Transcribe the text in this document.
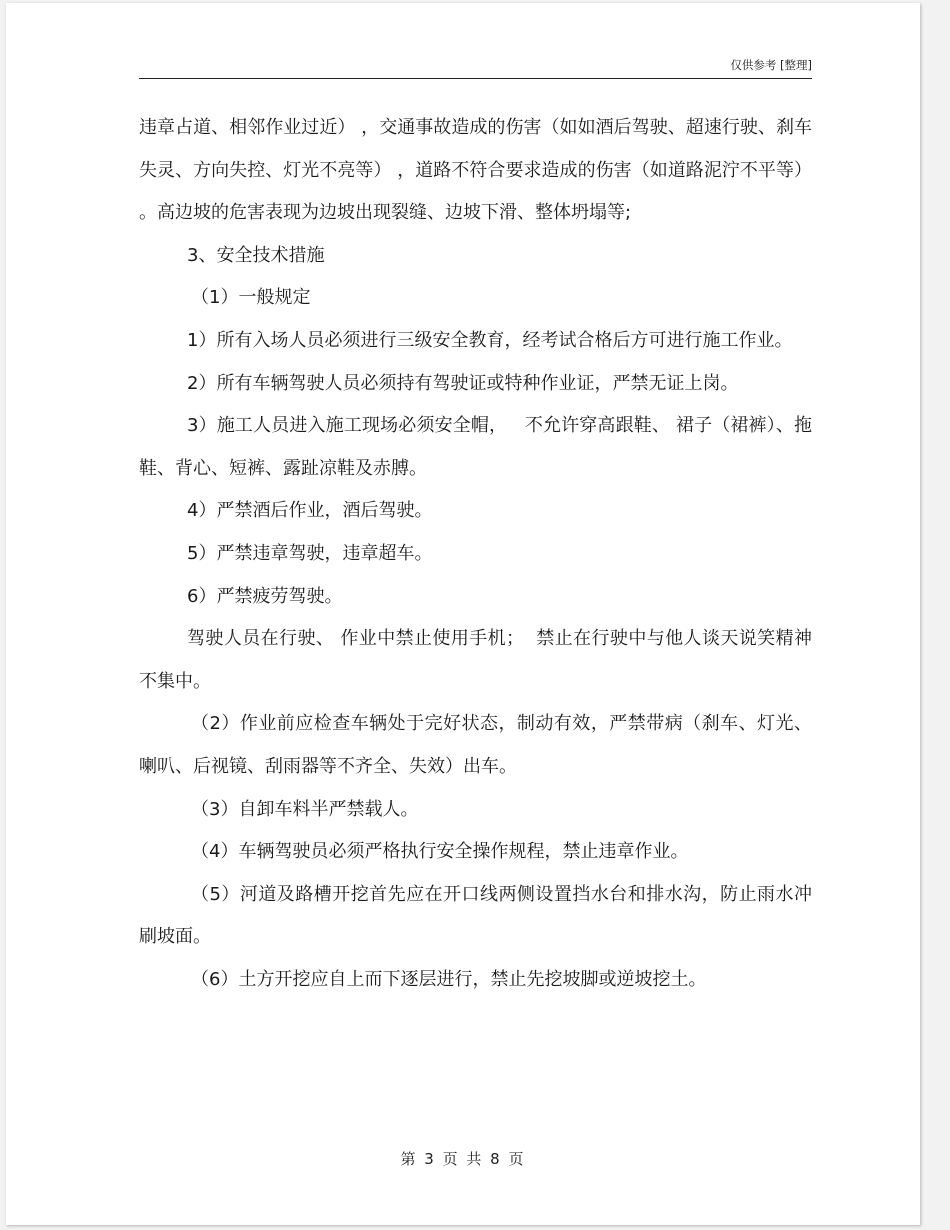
仅供参考 [整理]

违章占道、相邻作业过近） ，交通事故造成的伤害（如如酒后驾驶、超速行驶、刹车失灵、方向失控、灯光不亮等） ，道路不符合要求造成的伤害（如道路泥泞不平等） 。高边坡的危害表现为边坡出现裂缝、边坡下滑、整体坍塌等;

3、安全技术措施

（1）一般规定

1）所有入场人员必须进行三级安全教育，经考试合格后方可进行施工作业。

2）所有车辆驾驶人员必须持有驾驶证或特种作业证，严禁无证上岗。

3）施工人员进入施工现场必须安全帽，   不允许穿高跟鞋、 裙子（裙裤）、拖鞋、背心、短裤、露趾凉鞋及赤膊。

4）严禁酒后作业，酒后驾驶。

5）严禁违章驾驶，违章超车。

6）严禁疲劳驾驶。

驾驶人员在行驶、 作业中禁止使用手机；  禁止在行驶中与他人谈天说笑精神不集中。

（2）作业前应检查车辆处于完好状态，制动有效，严禁带病（刹车、灯光、喇叭、后视镜、刮雨器等不齐全、失效）出车。

（3）自卸车料半严禁载人。

（4）车辆驾驶员必须严格执行安全操作规程，禁止违章作业。

（5）河道及路槽开挖首先应在开口线两侧设置挡水台和排水沟，防止雨水冲刷坡面。

（6）土方开挖应自上而下逐层进行，禁止先挖坡脚或逆坡挖土。

第 3 页 共 8 页
